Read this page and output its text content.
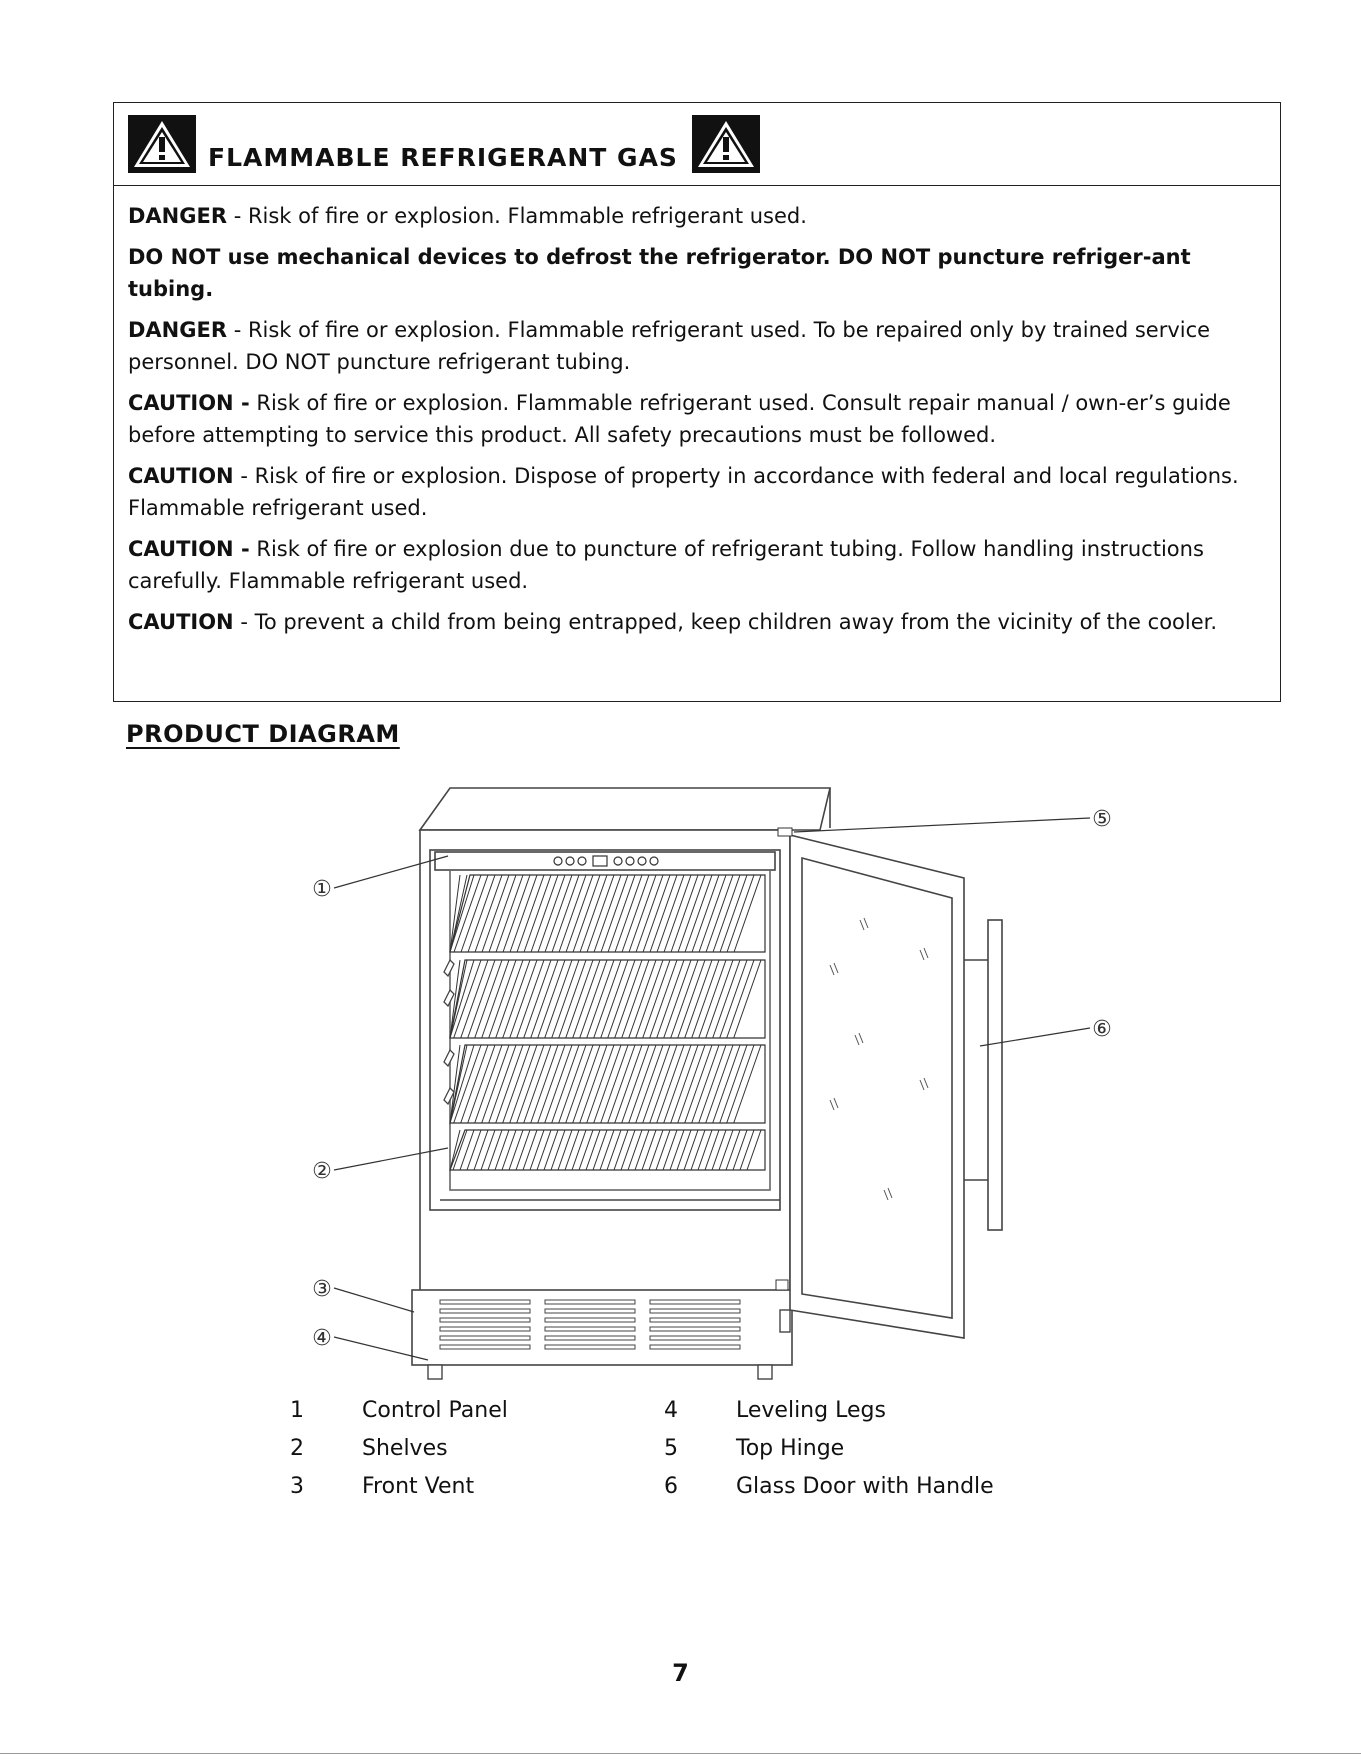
FLAMMABLE REFRIGERANT GAS

DANGER - Risk of fire or explosion. Flammable refrigerant used.

DO NOT use mechanical devices to defrost the refrigerator. DO NOT puncture refriger-ant tubing.

DANGER - Risk of fire or explosion. Flammable refrigerant used. To be repaired only by trained service personnel. DO NOT puncture refrigerant tubing.

CAUTION - Risk of fire or explosion. Flammable refrigerant used. Consult repair manual / own-er’s guide before attempting to service this product. All safety precautions must be followed.

CAUTION - Risk of fire or explosion. Dispose of property in accordance with federal and local regulations. Flammable refrigerant used.

CAUTION - Risk of fire or explosion due to puncture of refrigerant tubing. Follow handling instructions carefully. Flammable refrigerant used.

CAUTION - To prevent a child from being entrapped, keep children away from the vicinity of the cooler.

PRODUCT DIAGRAM
①
②
③
④
⑤
⑥
1	Control Panel
2	Shelves
3	Front Vent
4	Leveling Legs
5	Top Hinge
6	Glass Door with Handle
7
